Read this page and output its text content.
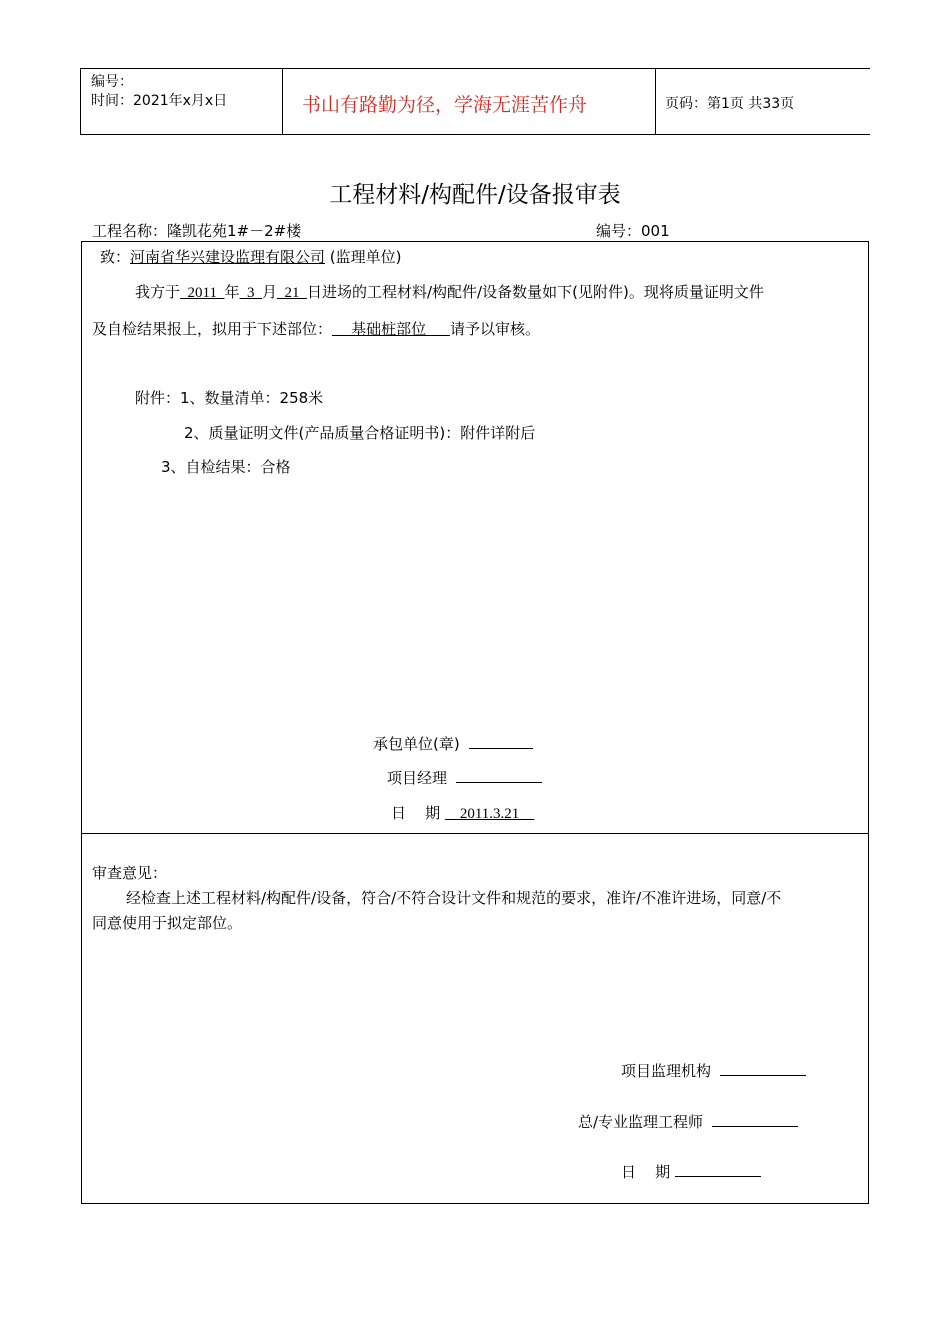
编号：
时间：2021年x月x日	书山有路勤为径，学海无涯苦作舟	页码：第1页 共33页
工程材料/构配件/设备报审表
工程名称：隆凯花苑1#－2#楼	编号：001
致：河南省华兴建设监理有限公司 (监理单位)
我方于  2011  年  3  月  21  日进场的工程材料/构配件/设备数量如下(见附件)。现将质量证明文件
及自检结果报上，拟用于下述部位：    基础桩部位     请予以审核。
附件：1、数量清单：258米
2、质量证明文件(产品质量合格证明书)：附件详附后
3、自检结果：合格
承包单位(章)
项目经理
日    期     2011.3.21
审查意见：
经检查上述工程材料/构配件/设备，符合/不符合设计文件和规范的要求，准许/不准许进场，同意/不
同意使用于拟定部位。
项目监理机构
总/专业监理工程师
日    期
